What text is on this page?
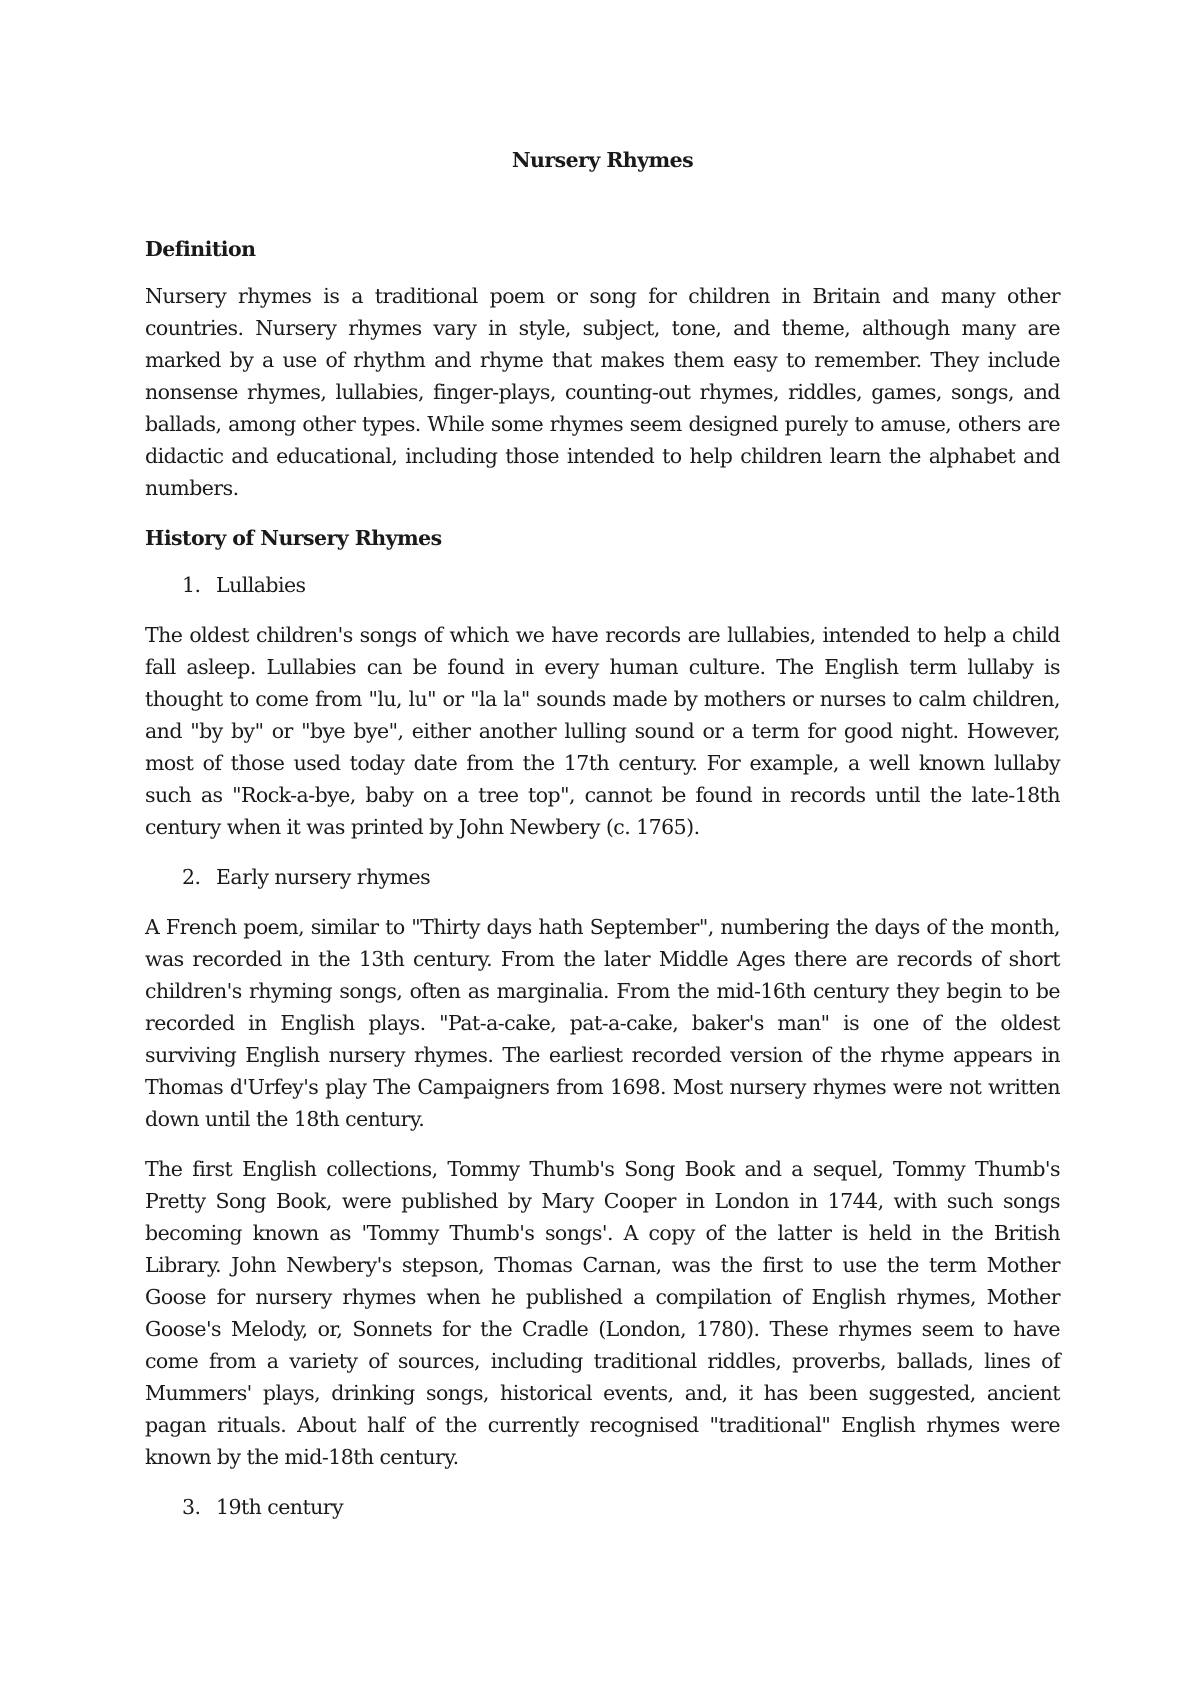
Nursery Rhymes
Definition

Nursery rhymes is a traditional poem or song for children in Britain and many other countries. Nursery rhymes vary in style, subject, tone, and theme, although many are marked by a use of rhythm and rhyme that makes them easy to remember. They include nonsense rhymes, lullabies, finger-plays, counting-out rhymes, riddles, games, songs, and ballads, among other types. While some rhymes seem designed purely to amuse, others are didactic and educational, including those intended to help children learn the alphabet and numbers.

History of Nursery Rhymes
1. Lullabies

The oldest children's songs of which we have records are lullabies, intended to help a child fall asleep. Lullabies can be found in every human culture. The English term lullaby is thought to come from "lu, lu" or "la la" sounds made by mothers or nurses to calm children, and "by by" or "bye bye", either another lulling sound or a term for good night. However, most of those used today date from the 17th century. For example, a well known lullaby such as "Rock-a-bye, baby on a tree top", cannot be found in records until the late-18th century when it was printed by John Newbery (c. 1765).

2. Early nursery rhymes

A French poem, similar to "Thirty days hath September", numbering the days of the month, was recorded in the 13th century. From the later Middle Ages there are records of short children's rhyming songs, often as marginalia. From the mid-16th century they begin to be recorded in English plays. "Pat-a-cake, pat-a-cake, baker's man" is one of the oldest surviving English nursery rhymes. The earliest recorded version of the rhyme appears in Thomas d'Urfey's play The Campaigners from 1698. Most nursery rhymes were not written down until the 18th century.

The first English collections, Tommy Thumb's Song Book and a sequel, Tommy Thumb's Pretty Song Book, were published by Mary Cooper in London in 1744, with such songs becoming known as 'Tommy Thumb's songs'. A copy of the latter is held in the British Library. John Newbery's stepson, Thomas Carnan, was the first to use the term Mother Goose for nursery rhymes when he published a compilation of English rhymes, Mother Goose's Melody, or, Sonnets for the Cradle (London, 1780). These rhymes seem to have come from a variety of sources, including traditional riddles, proverbs, ballads, lines of Mummers' plays, drinking songs, historical events, and, it has been suggested, ancient pagan rituals. About half of the currently recognised "traditional" English rhymes were known by the mid-18th century.

3. 19th century
